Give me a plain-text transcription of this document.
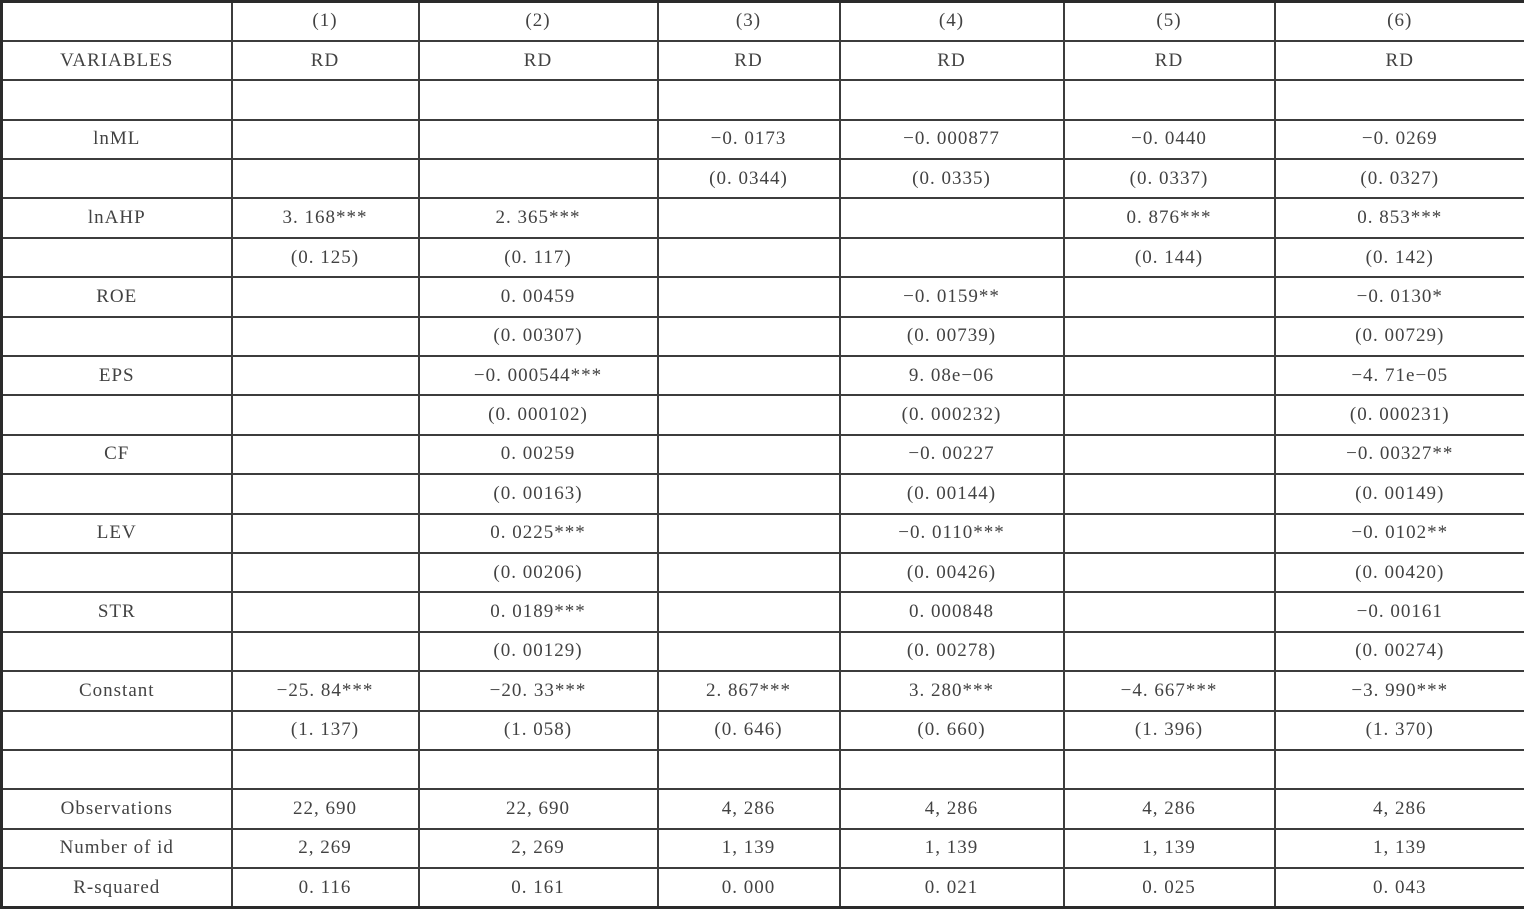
	(1)	(2)	(3)	(4)	(5)	(6)
VARIABLES	RD	RD	RD	RD	RD	RD

lnML			−0. 0173	−0. 000877	−0. 0440	−0. 0269
			(0. 0344)	(0. 0335)	(0. 0337)	(0. 0327)
lnAHP	3. 168***	2. 365***			0. 876***	0. 853***
	(0. 125)	(0. 117)			(0. 144)	(0. 142)
ROE		0. 00459		−0. 0159**		−0. 0130*
		(0. 00307)		(0. 00739)		(0. 00729)
EPS		−0. 000544***		9. 08e−06		−4. 71e−05
		(0. 000102)		(0. 000232)		(0. 000231)
CF		0. 00259		−0. 00227		−0. 00327**
		(0. 00163)		(0. 00144)		(0. 00149)
LEV		0. 0225***		−0. 0110***		−0. 0102**
		(0. 00206)		(0. 00426)		(0. 00420)
STR		0. 0189***		0. 000848		−0. 00161
		(0. 00129)		(0. 00278)		(0. 00274)
Constant	−25. 84***	−20. 33***	2. 867***	3. 280***	−4. 667***	−3. 990***
	(1. 137)	(1. 058)	(0. 646)	(0. 660)	(1. 396)	(1. 370)

Observations	22, 690	22, 690	4, 286	4, 286	4, 286	4, 286
Number of id	2, 269	2, 269	1, 139	1, 139	1, 139	1, 139
R-squared	0. 116	0. 161	0. 000	0. 021	0. 025	0. 043
